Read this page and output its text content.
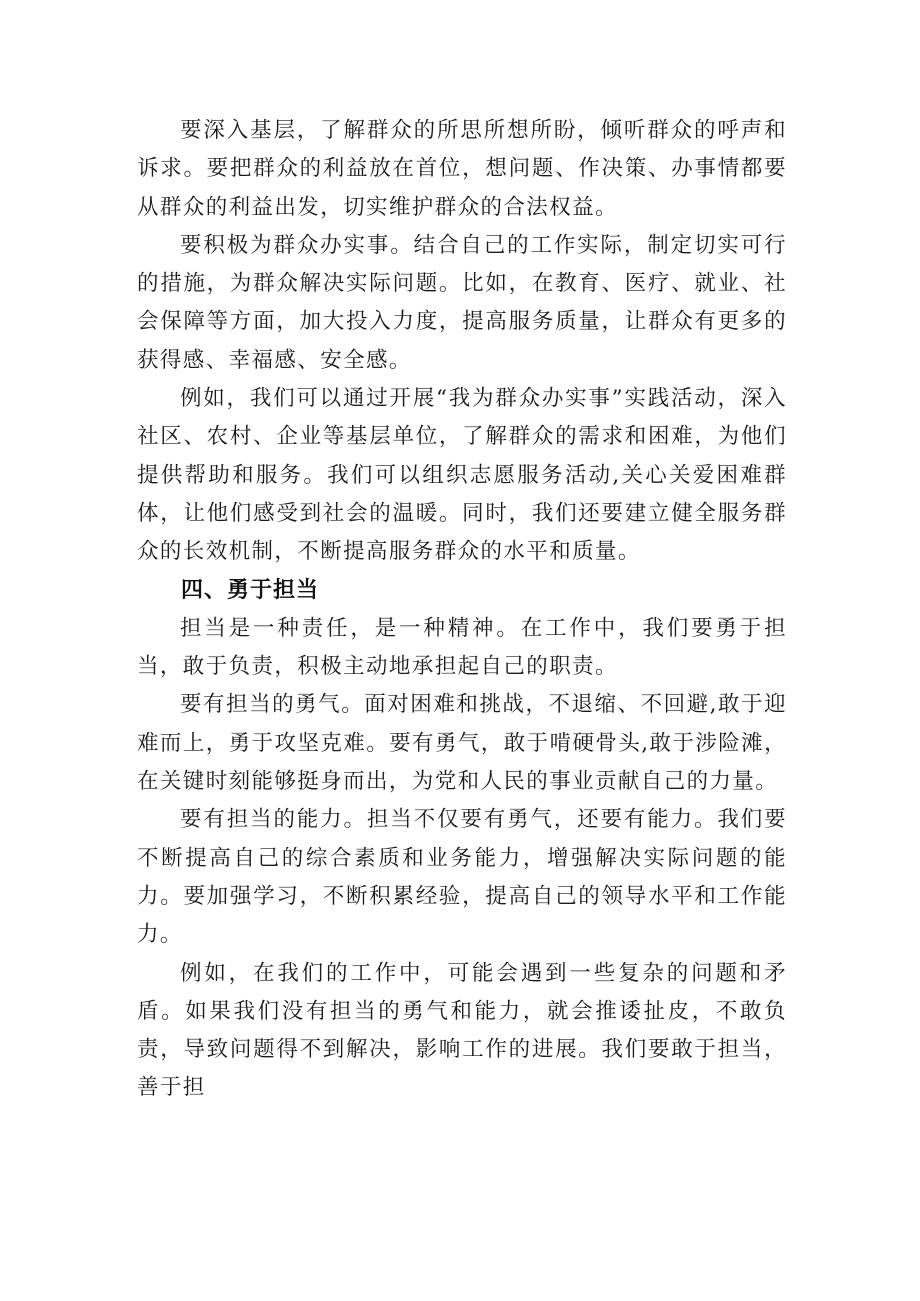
要深入基层，了解群众的所思所想所盼，倾听群众的呼声和诉求。要把群众的利益放在首位，想问题、作决策、办事情都要从群众的利益出发，切实维护群众的合法权益。

要积极为群众办实事。结合自己的工作实际，制定切实可行的措施，为群众解决实际问题。比如，在教育、医疗、就业、社会保障等方面，加大投入力度，提高服务质量，让群众有更多的获得感、幸福感、安全感。

例如，我们可以通过开展“我为群众办实事”实践活动，深入社区、农村、企业等基层单位，了解群众的需求和困难，为他们提供帮助和服务。我们可以组织志愿服务活动,关心关爱困难群体，让他们感受到社会的温暖。同时，我们还要建立健全服务群众的长效机制，不断提高服务群众的水平和质量。

四、勇于担当

担当是一种责任，是一种精神。在工作中，我们要勇于担当，敢于负责，积极主动地承担起自己的职责。

要有担当的勇气。面对困难和挑战，不退缩、不回避,敢于迎难而上，勇于攻坚克难。要有勇气，敢于啃硬骨头,敢于涉险滩，在关键时刻能够挺身而出，为党和人民的事业贡献自己的力量。

要有担当的能力。担当不仅要有勇气，还要有能力。我们要不断提高自己的综合素质和业务能力，增强解决实际问题的能力。要加强学习，不断积累经验，提高自己的领导水平和工作能力。

例如，在我们的工作中，可能会遇到一些复杂的问题和矛盾。如果我们没有担当的勇气和能力，就会推诿扯皮，不敢负责，导致问题得不到解决，影响工作的进展。我们要敢于担当，善于担
